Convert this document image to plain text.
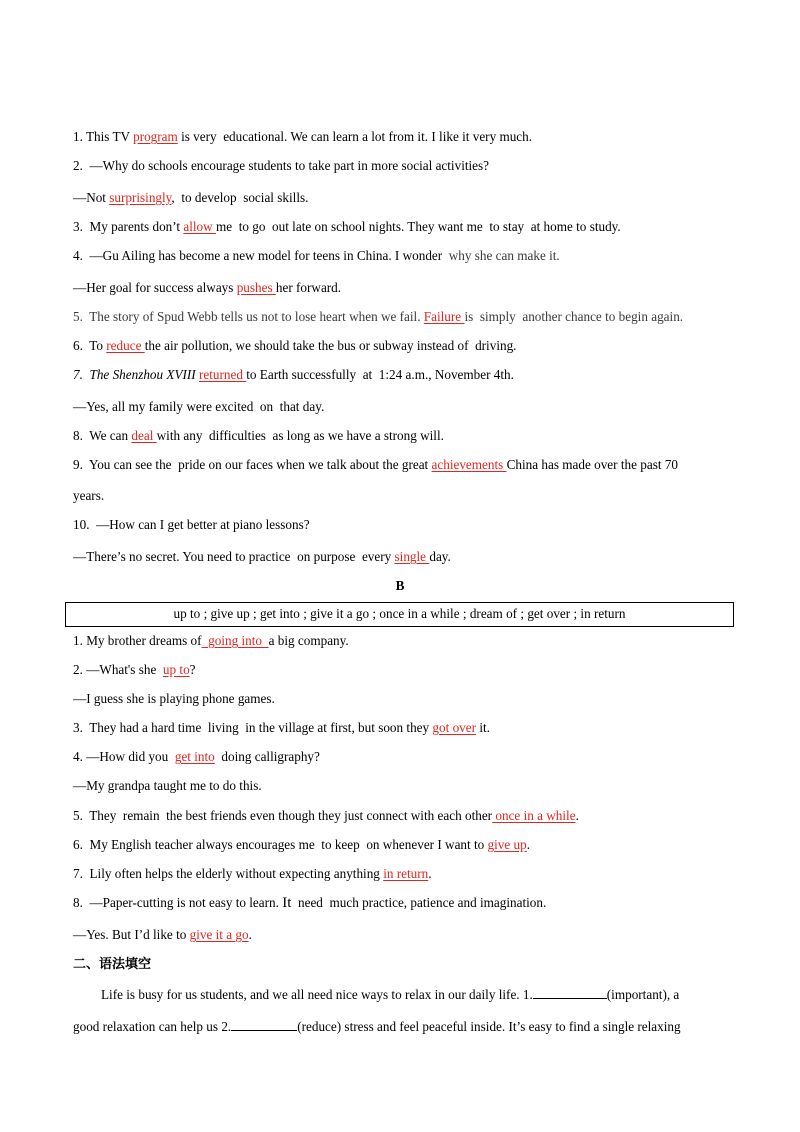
1. This TV program is very  educational. We can learn a lot from it. I like it very much.
2.  —Why do schools encourage students to take part in more social activities?
—Not surprisingly,  to develop  social skills.
3.  My parents don’t allow me  to go  out late on school nights. They want me  to stay  at home to study.
4.  —Gu Ailing has become a new model for teens in China. I wonder  why she can make it.
—Her goal for success always pushes her forward.
5.  The story of Spud Webb tells us not to lose heart when we fail. Failure is  simply  another chance to begin again.
6.  To reduce the air pollution, we should take the bus or subway instead of  driving.
7.  The Shenzhou XVIII returned to Earth successfully  at  1:24 a.m., November 4th.
—Yes, all my family were excited  on  that day.
8.  We can deal with any  difficulties  as long as we have a strong will.
9.  You can see the  pride on our faces when we talk about the great achievements China has made over the past 70
years.
10.  —How can I get better at piano lessons?
—There’s no secret. You need to practice  on purpose  every single day.
B
up to ; give up ; get into ; give it a go ; once in a while ; dream of ; get over ; in return
1. My brother dreams of  going into  a big company.
2. —What's she  up to?
—I guess she is playing phone games.
3.  They had a hard time  living  in the village at first, but soon they got over it.
4. —How did you  get into  doing calligraphy?
—My grandpa taught me to do this.
5.  They  remain  the best friends even though they just connect with each other once in a while.
6.  My English teacher always encourages me  to keep  on whenever I want to give up.
7.  Lily often helps the elderly without expecting anything in return.
8.  —Paper-cutting is not easy to learn. It  need  much practice, patience and imagination.
—Yes. But I’d like to give it a go.
二、语法填空
Life is busy for us students, and we all need nice ways to relax in our daily life. 1.	(important), a
good relaxation can help us 2.	(reduce) stress and feel peaceful inside. It’s easy to find a single relaxing
